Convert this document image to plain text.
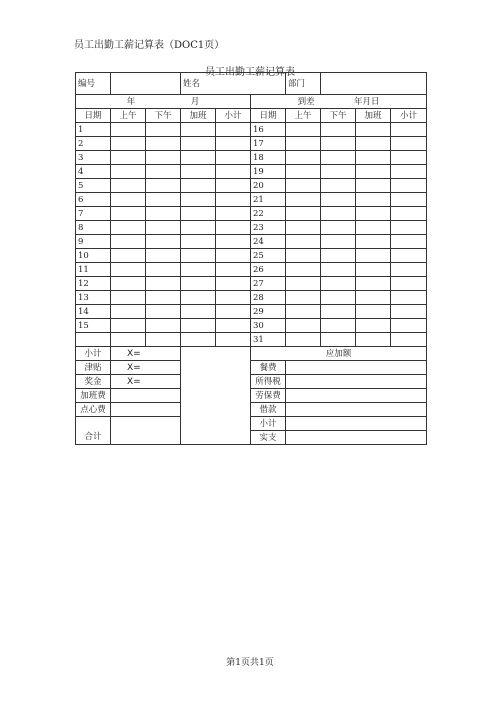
员工出勤工薪记算表（DOC1页）
员工出勤工薪记算表
编号			姓名			部门			
年 月					到差 年月日				
日期	上午	下午	加班	小计	日期	上午	下午	加班	小计
1					16				
2					17				
3					18				
4					19				
5					20				
6					21				
7					22				
8					23				
9					24				
10					25				
11					26				
12					27				
13					28				
14					29				
15					30				
					31				
小计	X=				应加额				
津贴	X=				餐费				
奖金	X=				所得税				
加班费					劳保费				
点心费					借款				
					小计				
合计					实支				
第1页共1页
